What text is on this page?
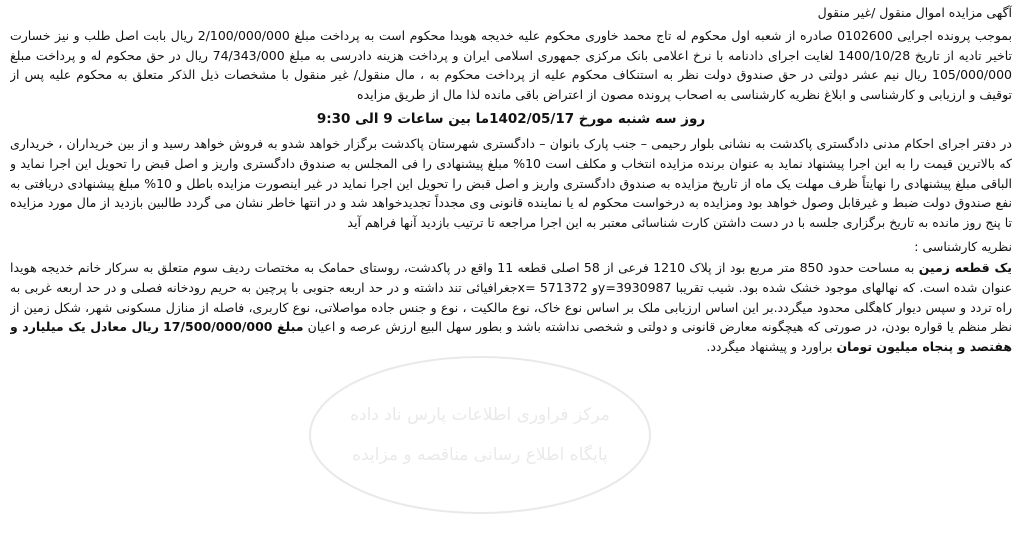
آگهی مزایده اموال منقول /غیر منقول

بموجب پرونده اجرایی 0102600 صادره از شعبه اول محکوم له تاج محمد خاوری محکوم علیه خدیجه هویدا محکوم است به پرداخت مبلغ 2/100/000/000 ریال بابت اصل طلب و نیز خسارت تاخیر تادیه از تاریخ 1400/10/28 لغایت اجرای دادنامه با نرخ اعلامی بانک مرکزی جمهوری اسلامی ایران و پرداخت هزینه دادرسی به مبلغ 74/343/000 ریال در حق محکوم له و پرداخت مبلغ 105/000/000 ریال نیم عشر دولتی در حق صندوق دولت نظر به استنکاف محکوم علیه از پرداخت محکوم به ، مال منقول/ غیر منقول با مشخصات ذیل الذکر متعلق به محکوم علیه پس از توقیف و ارزیابی و کارشناسی و ابلاغ نظریه کارشناسی به اصحاب پرونده مصون از اعتراض باقی مانده لذا مال از طریق مزایده

روز سه شنبه مورخ 1402/05/17ما بین ساعات 9 الی 9:30

در دفتر اجرای احکام مدنی دادگستری پاکدشت به نشانی بلوار رحیمی – جنب پارک بانوان – دادگستری شهرستان پاکدشت برگزار خواهد شدو به فروش خواهد رسید و از بین خریداران ، خریداری که بالاترین قیمت را به این اجرا پیشنهاد نماید به عنوان برنده مزایده انتخاب و مکلف است 10% مبلغ پیشنهادی را فی المجلس به صندوق دادگستری واریز و اصل قبض را تحویل این اجرا نماید و الباقی مبلغ پیشنهادی را نهایتاً ظرف مهلت یک ماه از تاریخ مزایده به صندوق دادگستری واریز و اصل قبض را تحویل این اجرا نماید در غیر اینصورت مزایده باطل و 10% مبلغ پیشنهادی دریافتی به نفع صندوق دولت ضبط و غیرقابل وصول خواهد بود ومزایده به درخواست محکوم له یا نماینده قانونی وی مجدداً تجدیدخواهد شد و در انتها خاطر نشان می گردد طالبین بازدید از مال مورد مزایده تا پنج روز مانده به تاریخ برگزاری جلسه با در دست داشتن کارت شناسائی معتبر به این اجرا مراجعه تا ترتیب بازدید آنها فراهم آید

نظریه کارشناسی :

یک قطعه زمین به مساحت حدود 850 متر مربع بود از پلاک 1210 فرعی از 58 اصلی قطعه 11 واقع در پاکدشت، روستای حمامک به مختصات ردیف سوم متعلق به سرکار خانم خدیجه هویدا عنوان شده است. که نهالهای موجود خشک شده بود. شیب تقریبا 3930987=yو 571372 =xجغرافیائی تند داشته و در حد اربعه جنوبی با پرچین به حریم رودخانه فصلی و در حد اربعه غربی به راه تردد و سپس دیوار کاهگلی محدود میگردد.بر این اساس ارزیابی ملک بر اساس نوع خاک، نوع مالکیت ، نوع و جنس جاده مواصلاتی، نوع کاربری، فاصله از منازل مسکونی شهر، شکل زمین از نظر منظم یا قواره بودن، در صورتی که هیچگونه معارض قانونی و دولتی و شخصی نداشته باشد و بطور سهل البیع ارزش عرصه و اعیان مبلغ 17/500/000/000 ریال معادل یک میلیارد و هفتصد و پنجاه میلیون تومان براورد و پیشنهاد میگردد.

مرکز فراوری اطلاعات پارس ناد داده
پایگاه اطلاع رسانی مناقصه و مزایده
